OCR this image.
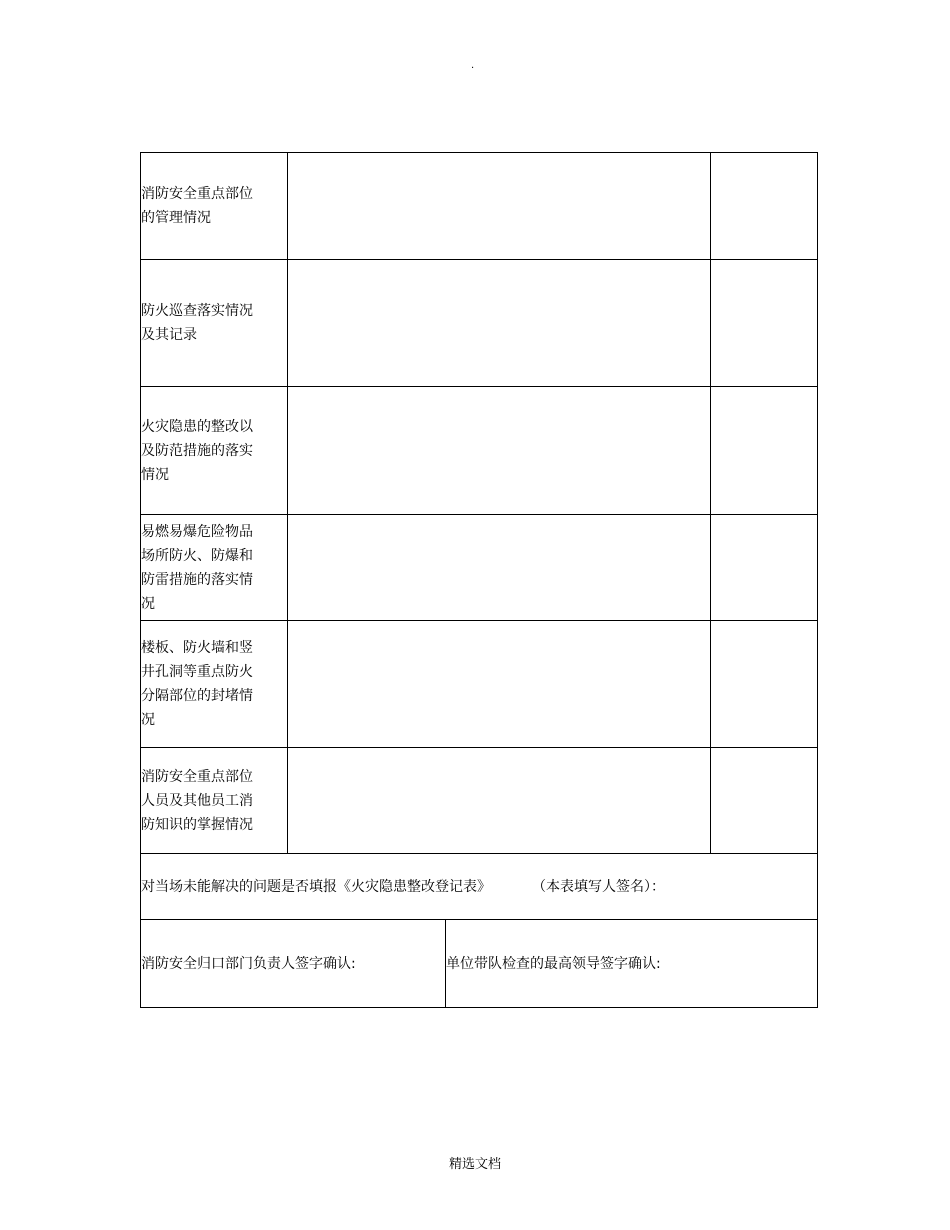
.
消防安全重点部位的管理情况			

防火巡查落实情况及其记录			

火灾隐患的整改以及防范措施的落实情况			

易燃易爆危险物品场所防火、防爆和防雷措施的落实情况			

楼板、防火墙和竖井孔洞等重点防火分隔部位的封堵情况			

消防安全重点部位人员及其他员工消防知识的掌握情况			

对当场未能解决的问题是否填报《火灾隐患整改登记表》 （本表填写人签名）：			
消防安全归口部门负责人签字确认:		单位带队检查的最高领导签字确认:	
精选文档
